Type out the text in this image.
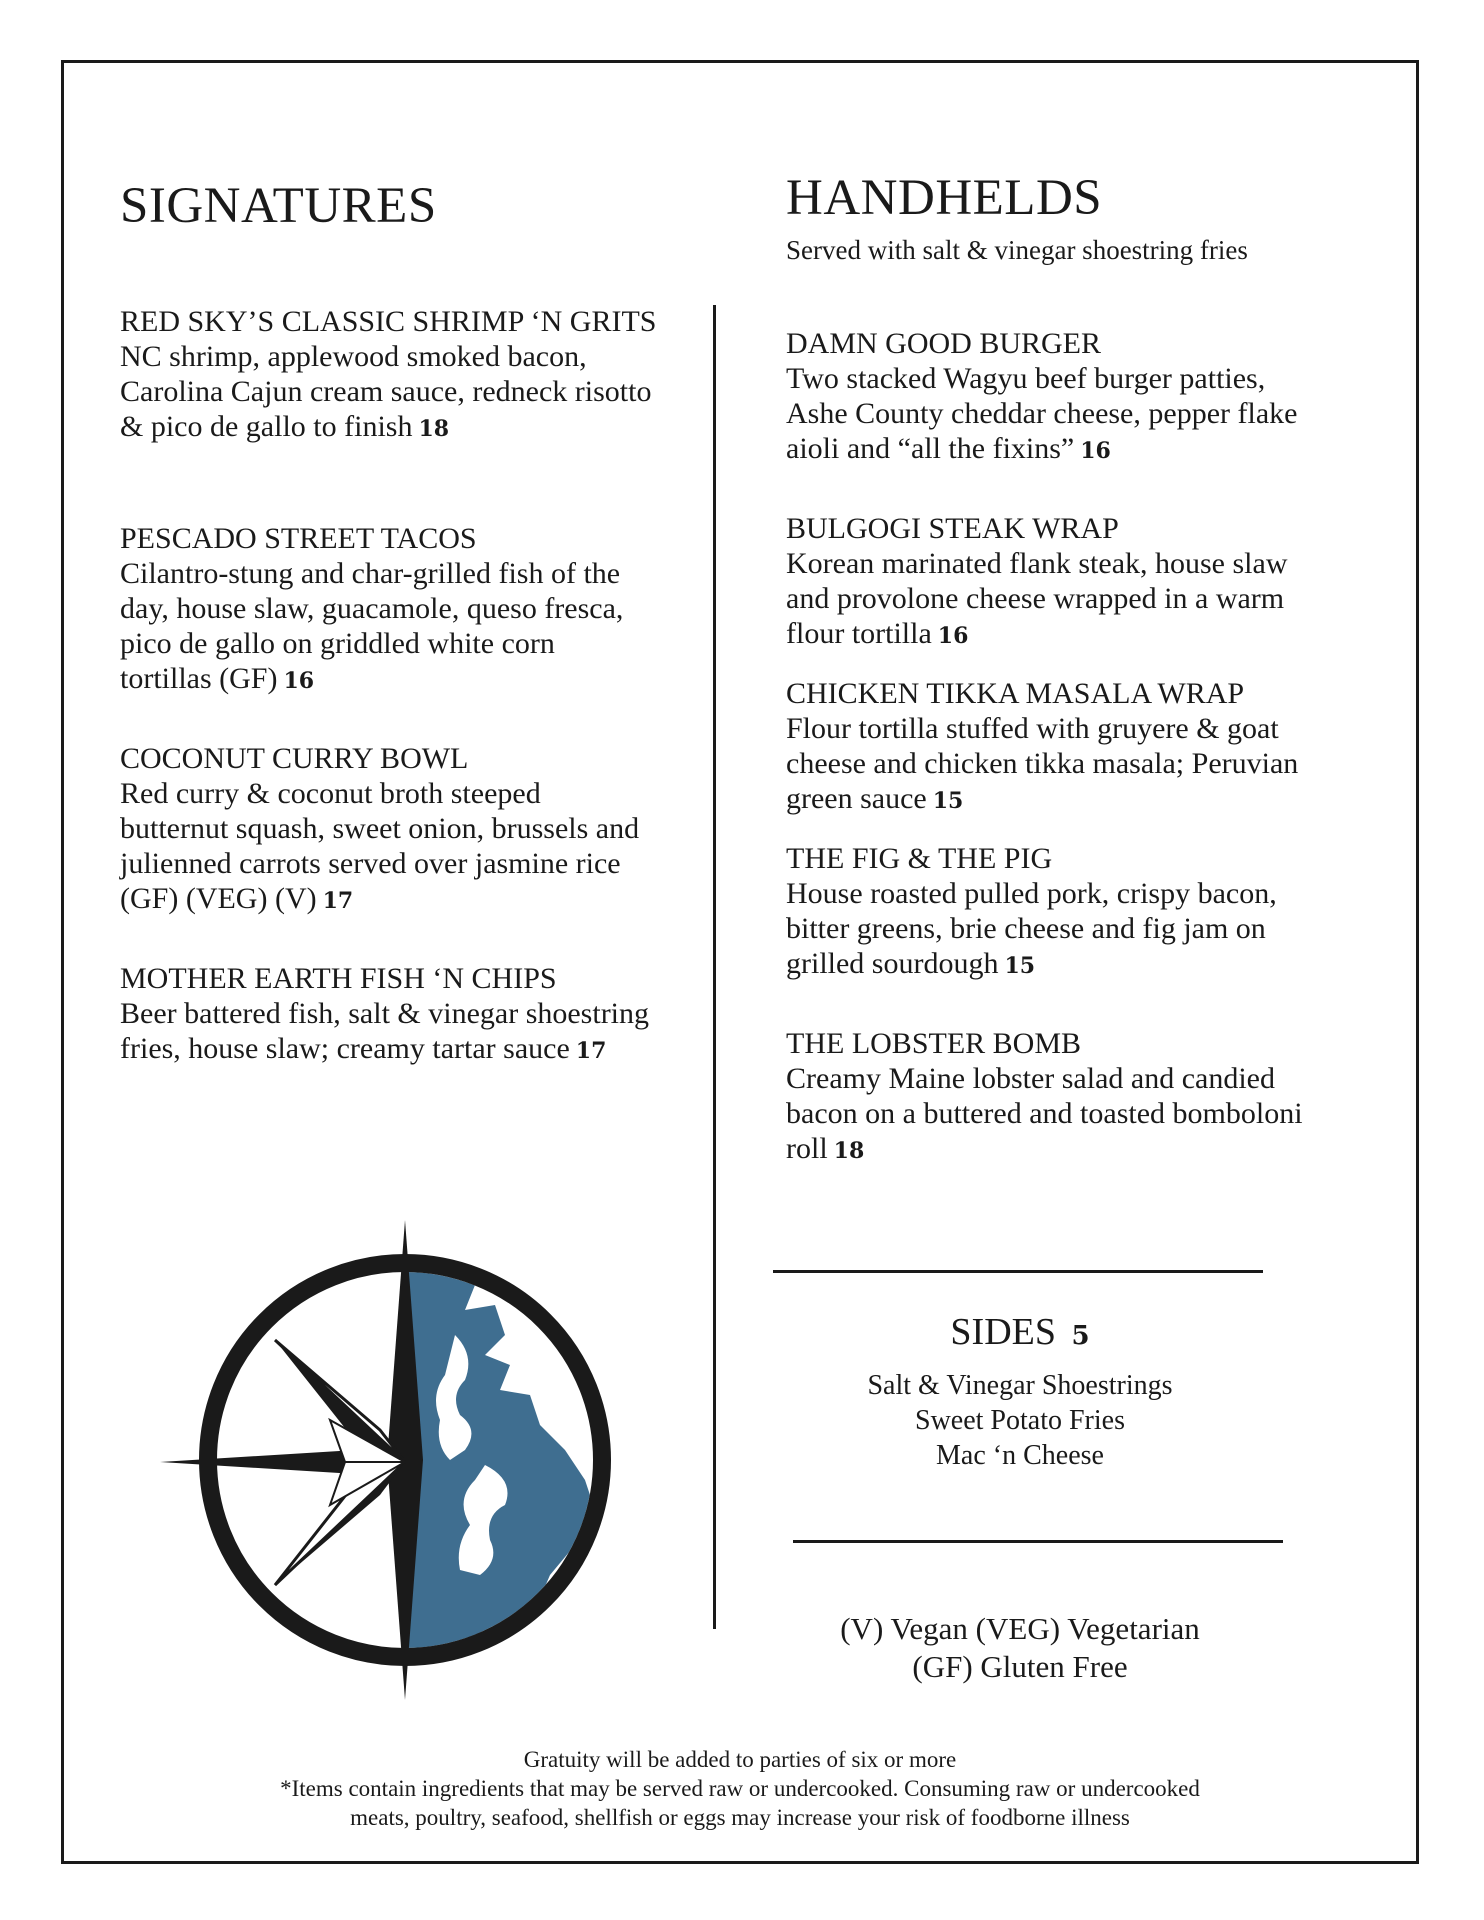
SIGNATURES
RED SKY’S CLASSIC SHRIMP ‘N GRITS
NC shrimp, applewood smoked bacon,
Carolina Cajun cream sauce, redneck risotto
& pico de gallo to finish 18
PESCADO STREET TACOS
Cilantro-stung and char-grilled fish of the
day, house slaw, guacamole, queso fresca,
pico de gallo on griddled white corn
tortillas (GF) 16
COCONUT CURRY BOWL
Red curry & coconut broth steeped
butternut squash, sweet onion, brussels and
julienned carrots served over jasmine rice
(GF) (VEG) (V) 17
MOTHER EARTH FISH ‘N CHIPS
Beer battered fish, salt & vinegar shoestring
fries, house slaw; creamy tartar sauce 17
HANDHELDS

Served with salt & vinegar shoestring fries

DAMN GOOD BURGER
Two stacked Wagyu beef burger patties,
Ashe County cheddar cheese, pepper flake
aioli and “all the fixins” 16
BULGOGI STEAK WRAP
Korean marinated flank steak, house slaw
and provolone cheese wrapped in a warm
flour tortilla 16
CHICKEN TIKKA MASALA WRAP
Flour tortilla stuffed with gruyere & goat
cheese and chicken tikka masala; Peruvian
green sauce 15
THE FIG & THE PIG
House roasted pulled pork, crispy bacon,
bitter greens, brie cheese and fig jam on
grilled sourdough 15
THE LOBSTER BOMB
Creamy Maine lobster salad and candied
bacon on a buttered and toasted bomboloni
roll 18
SIDES 5
Salt & Vinegar Shoestrings
Sweet Potato Fries
Mac ‘n Cheese
(V) Vegan (VEG) Vegetarian
(GF) Gluten Free
Gratuity will be added to parties of six or more
*Items contain ingredients that may be served raw or undercooked. Consuming raw or undercooked
meats, poultry, seafood, shellfish or eggs may increase your risk of foodborne illness
